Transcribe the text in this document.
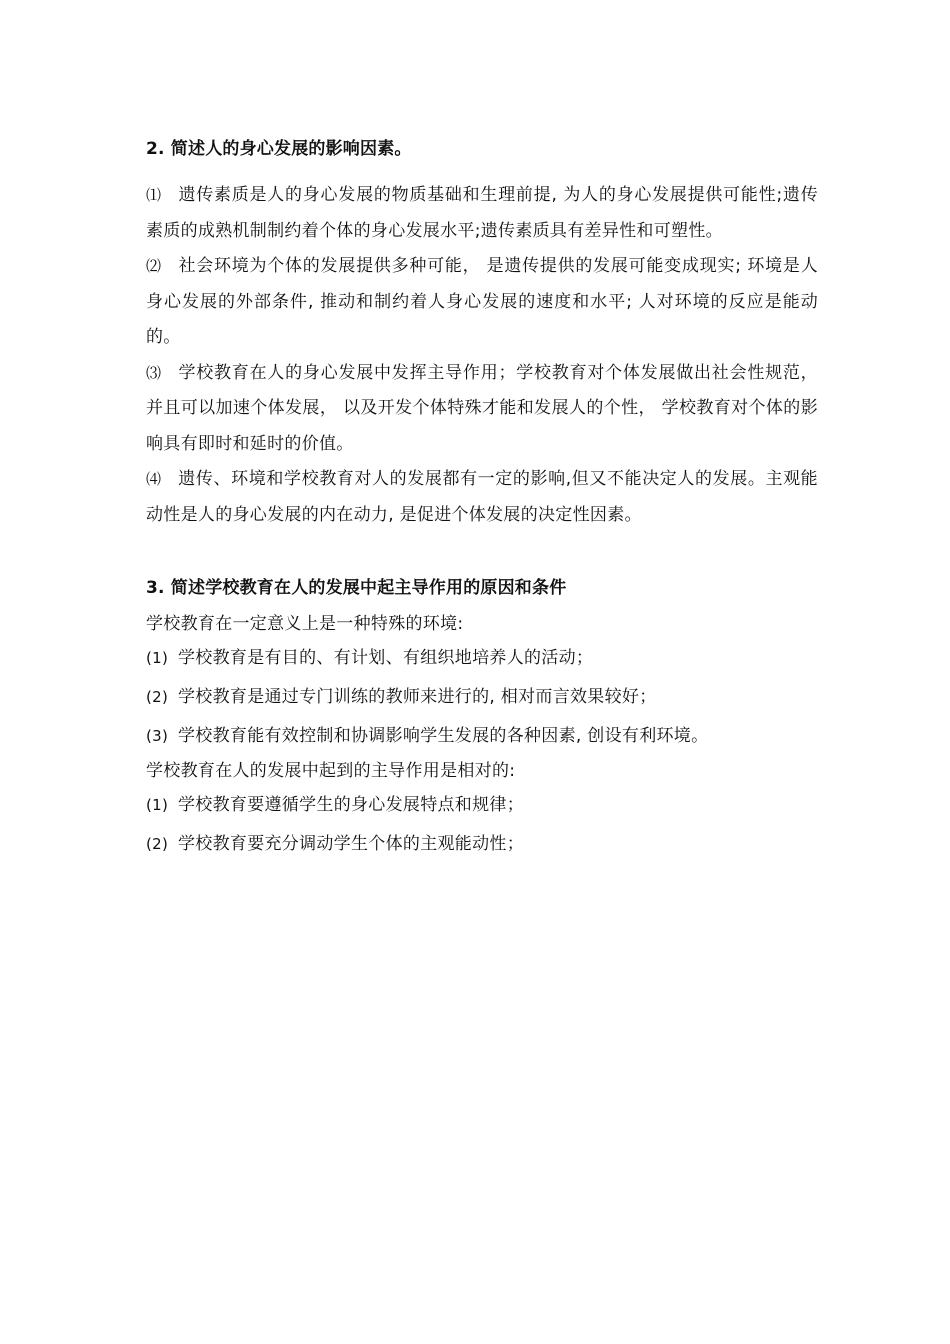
2. 简述人的身心发展的影响因素。

⑴ 遗传素质是人的身心发展的物质基础和生理前提, 为人的身心发展提供可能性;遗传素质的成熟机制制约着个体的身心发展水平;遗传素质具有差异性和可塑性。

⑵ 社会环境为个体的发展提供多种可能， 是遗传提供的发展可能变成现实; 环境是人身心发展的外部条件, 推动和制约着人身心发展的速度和水平; 人对环境的反应是能动的。

⑶ 学校教育在人的身心发展中发挥主导作用；学校教育对个体发展做出社会性规范， 并且可以加速个体发展， 以及开发个体特殊才能和发展人的个性， 学校教育对个体的影响具有即时和延时的价值。

⑷ 遗传、环境和学校教育对人的发展都有一定的影响,但又不能决定人的发展。主观能动性是人的身心发展的内在动力, 是促进个体发展的决定性因素。

3. 简述学校教育在人的发展中起主导作用的原因和条件

学校教育在一定意义上是一种特殊的环境:

(1) 学校教育是有目的、有计划、有组织地培养人的活动；

(2) 学校教育是通过专门训练的教师来进行的, 相对而言效果较好；

(3) 学校教育能有效控制和协调影响学生发展的各种因素, 创设有利环境。

学校教育在人的发展中起到的主导作用是相对的:

(1) 学校教育要遵循学生的身心发展特点和规律；

(2) 学校教育要充分调动学生个体的主观能动性；
